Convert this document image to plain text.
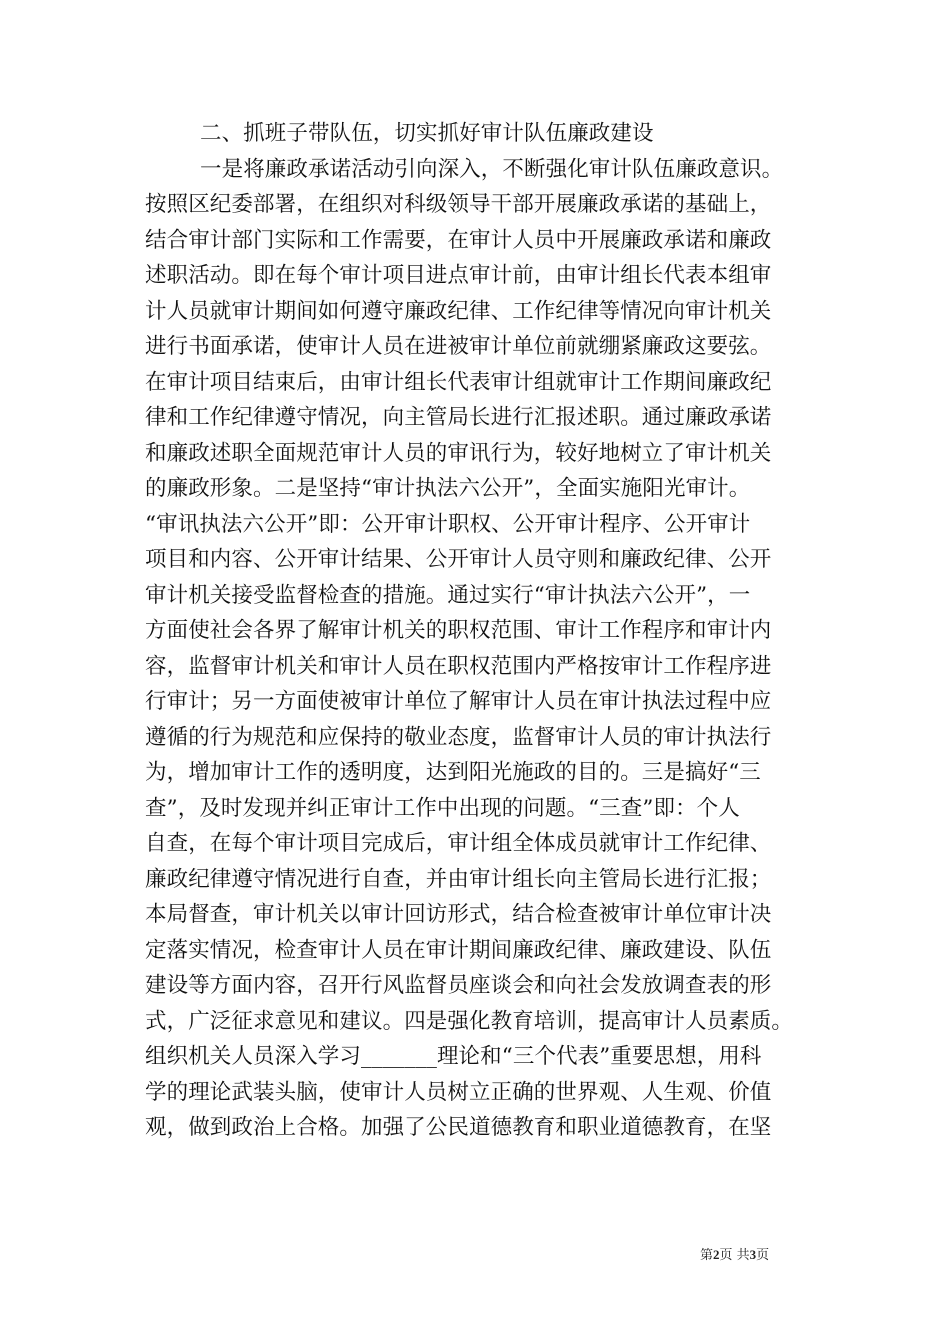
二、抓班子带队伍，切实抓好审计队伍廉政建设
一是将廉政承诺活动引向深入，不断强化审计队伍廉政意识。
按照区纪委部署，在组织对科级领导干部开展廉政承诺的基础上，
结合审计部门实际和工作需要，在审计人员中开展廉政承诺和廉政
述职活动。即在每个审计项目进点审计前，由审计组长代表本组审
计人员就审计期间如何遵守廉政纪律、工作纪律等情况向审计机关
进行书面承诺，使审计人员在进被审计单位前就绷紧廉政这要弦。
在审计项目结束后，由审计组长代表审计组就审计工作期间廉政纪
律和工作纪律遵守情况，向主管局长进行汇报述职。通过廉政承诺
和廉政述职全面规范审计人员的审讯行为，较好地树立了审计机关
的廉政形象。二是坚持“审计执法六公开”，全面实施阳光审计。
“审讯执法六公开”即：公开审计职权、公开审计程序、公开审计
项目和内容、公开审计结果、公开审计人员守则和廉政纪律、公开
审计机关接受监督检查的措施。通过实行“审计执法六公开”，一
方面使社会各界了解审计机关的职权范围、审计工作程序和审计内
容，监督审计机关和审计人员在职权范围内严格按审计工作程序进
行审计；另一方面使被审计单位了解审计人员在审计执法过程中应
遵循的行为规范和应保持的敬业态度，监督审计人员的审计执法行
为，增加审计工作的透明度，达到阳光施政的目的。三是搞好“三
查”，及时发现并纠正审计工作中出现的问题。“三查”即：个人
自查，在每个审计项目完成后，审计组全体成员就审计工作纪律、
廉政纪律遵守情况进行自查，并由审计组长向主管局长进行汇报；
本局督查，审计机关以审计回访形式，结合检查被审计单位审计决
定落实情况，检查审计人员在审计期间廉政纪律、廉政建设、队伍
建设等方面内容，召开行风监督员座谈会和向社会发放调查表的形
式，广泛征求意见和建议。四是强化教育培训，提高审计人员素质。
组织机关人员深入学习_______理论和“三个代表”重要思想，用科
学的理论武装头脑，使审计人员树立正确的世界观、人生观、价值
观，做到政治上合格。加强了公民道德教育和职业道德教育，在坚
第2页 共3页
